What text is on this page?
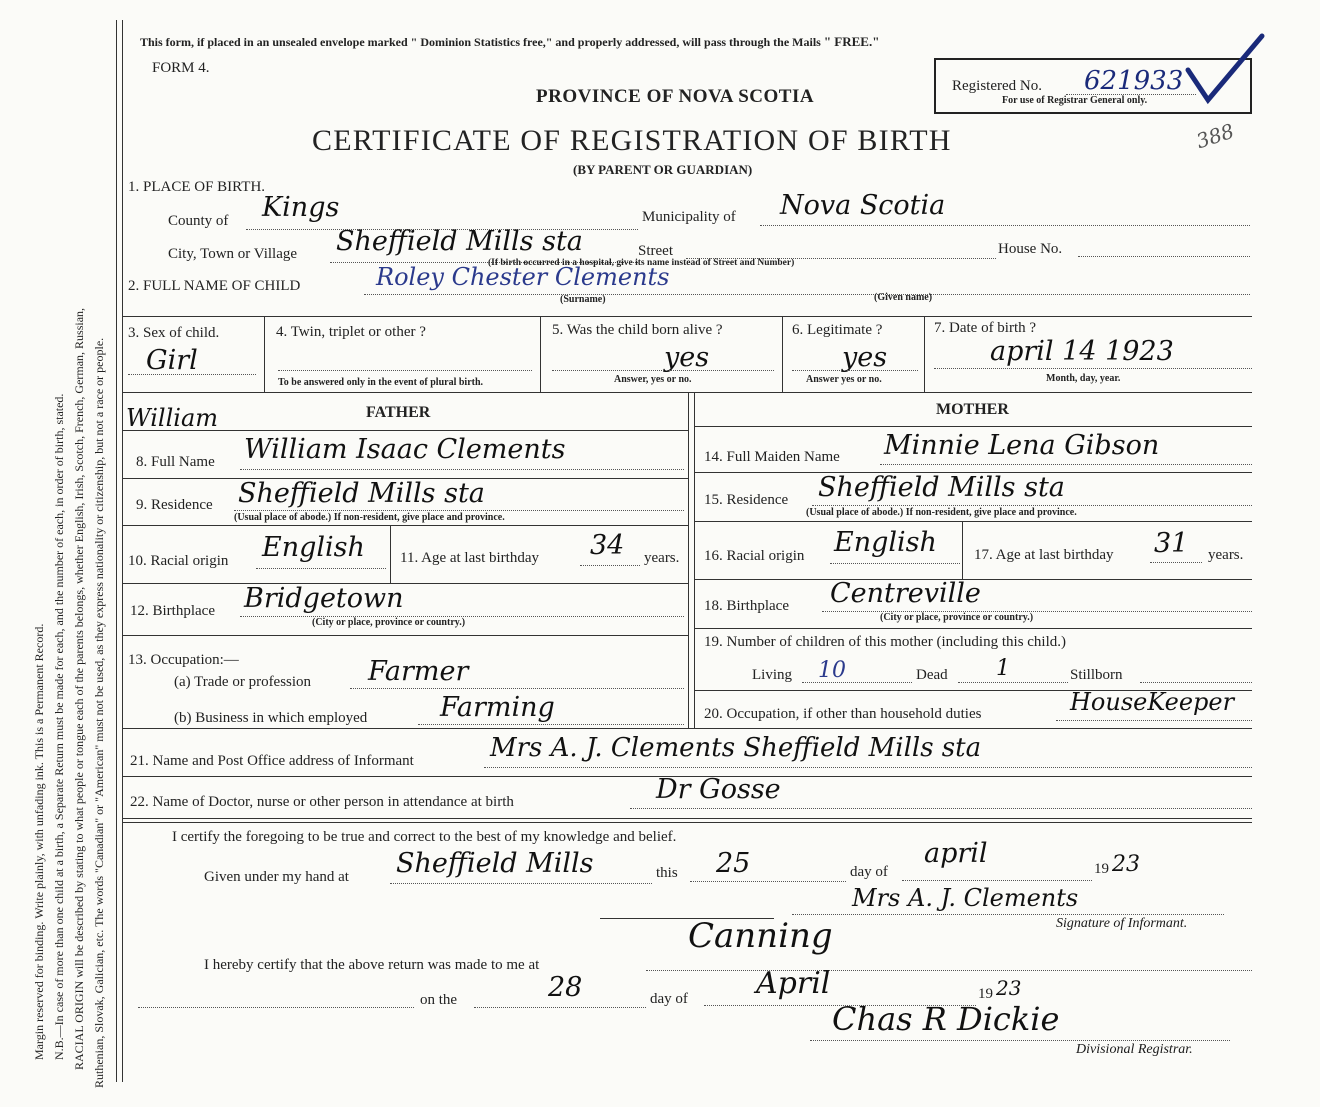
Margin reserved for binding. Write plainly, with unfading ink. This is a Permanent Record. N.B.—In case of more than one child at a birth, a Separate Return must be made for each, and the number of each, in order of birth, stated. RACIAL ORIGIN will be described by stating to what people or tongue each of the parents belongs, whether English, Irish, Scotch, French, German, Russian, Ruthenian, Slovak, Galician, etc. The words "Canadian" or "American" must not be used, as they express nationality or citizenship, but not a race or people.
This form, if placed in an unsealed envelope marked " Dominion Statistics free," and properly addressed, will pass through the Mails " FREE."
FORM 4.
PROVINCE OF NOVA SCOTIA
CERTIFICATE OF REGISTRATION OF BIRTH
(BY PARENT OR GUARDIAN)
Registered No. 621933
For use of Registrar General only.
388
1. PLACE OF BIRTH.
County of Kings	Municipality of Nova Scotia
City, Town or Village Sheffield Mills sta	Street
(If birth occurred in a hospital, give its name instead of Street and Number)
House No.
2. FULL NAME OF CHILD	Roley Chester Clements
(Surname)	(Given name)
3. Sex of child.
Girl
4. Twin, triplet or other ?
To be answered only in the event of plural birth.
5. Was the child born alive ?
yes
Answer, yes or no.
6. Legitimate ?
yes
Answer yes or no.
7. Date of birth ?
april 14 1923
Month, day, year.
William	FATHER
8. Full Name William Isaac Clements
9. Residence Sheffield Mills sta
(Usual place of abode.) If non-resident, give place and province.
10. Racial origin English 11. Age at last birthday 34 years.
12. Birthplace Bridgetown
(City or place, province or country.)
13. Occupation:—
(a) Trade or profession Farmer
(b) Business in which employed	Farming
MOTHER
14. Full Maiden Name Minnie Lena Gibson
15. Residence Sheffield Mills sta
(Usual place of abode.) If non-resident, give place and province.
16. Racial origin English 17. Age at last birthday 31 years.
18. Birthplace Centreville
(City or place, province or country.)
19. Number of children of this mother (including this child.)
Living 10	Dead 1	Stillborn
20. Occupation, if other than household duties	HouseKeeper
21. Name and Post Office address of Informant	Mrs A. J. Clements Sheffield Mills sta
22. Name of Doctor, nurse or other person in attendance at birth	Dr Gosse
I certify the foregoing to be true and correct to the best of my knowledge and belief.
Given under my hand at Sheffield Mills	this 25	day of
april	19 23
Mrs A. J. Clements
Signature of Informant.
Canning
I hereby certify that the above return was made to me at
on the	28	day of April	19 23
Chas R Dickie
Divisional Registrar.
